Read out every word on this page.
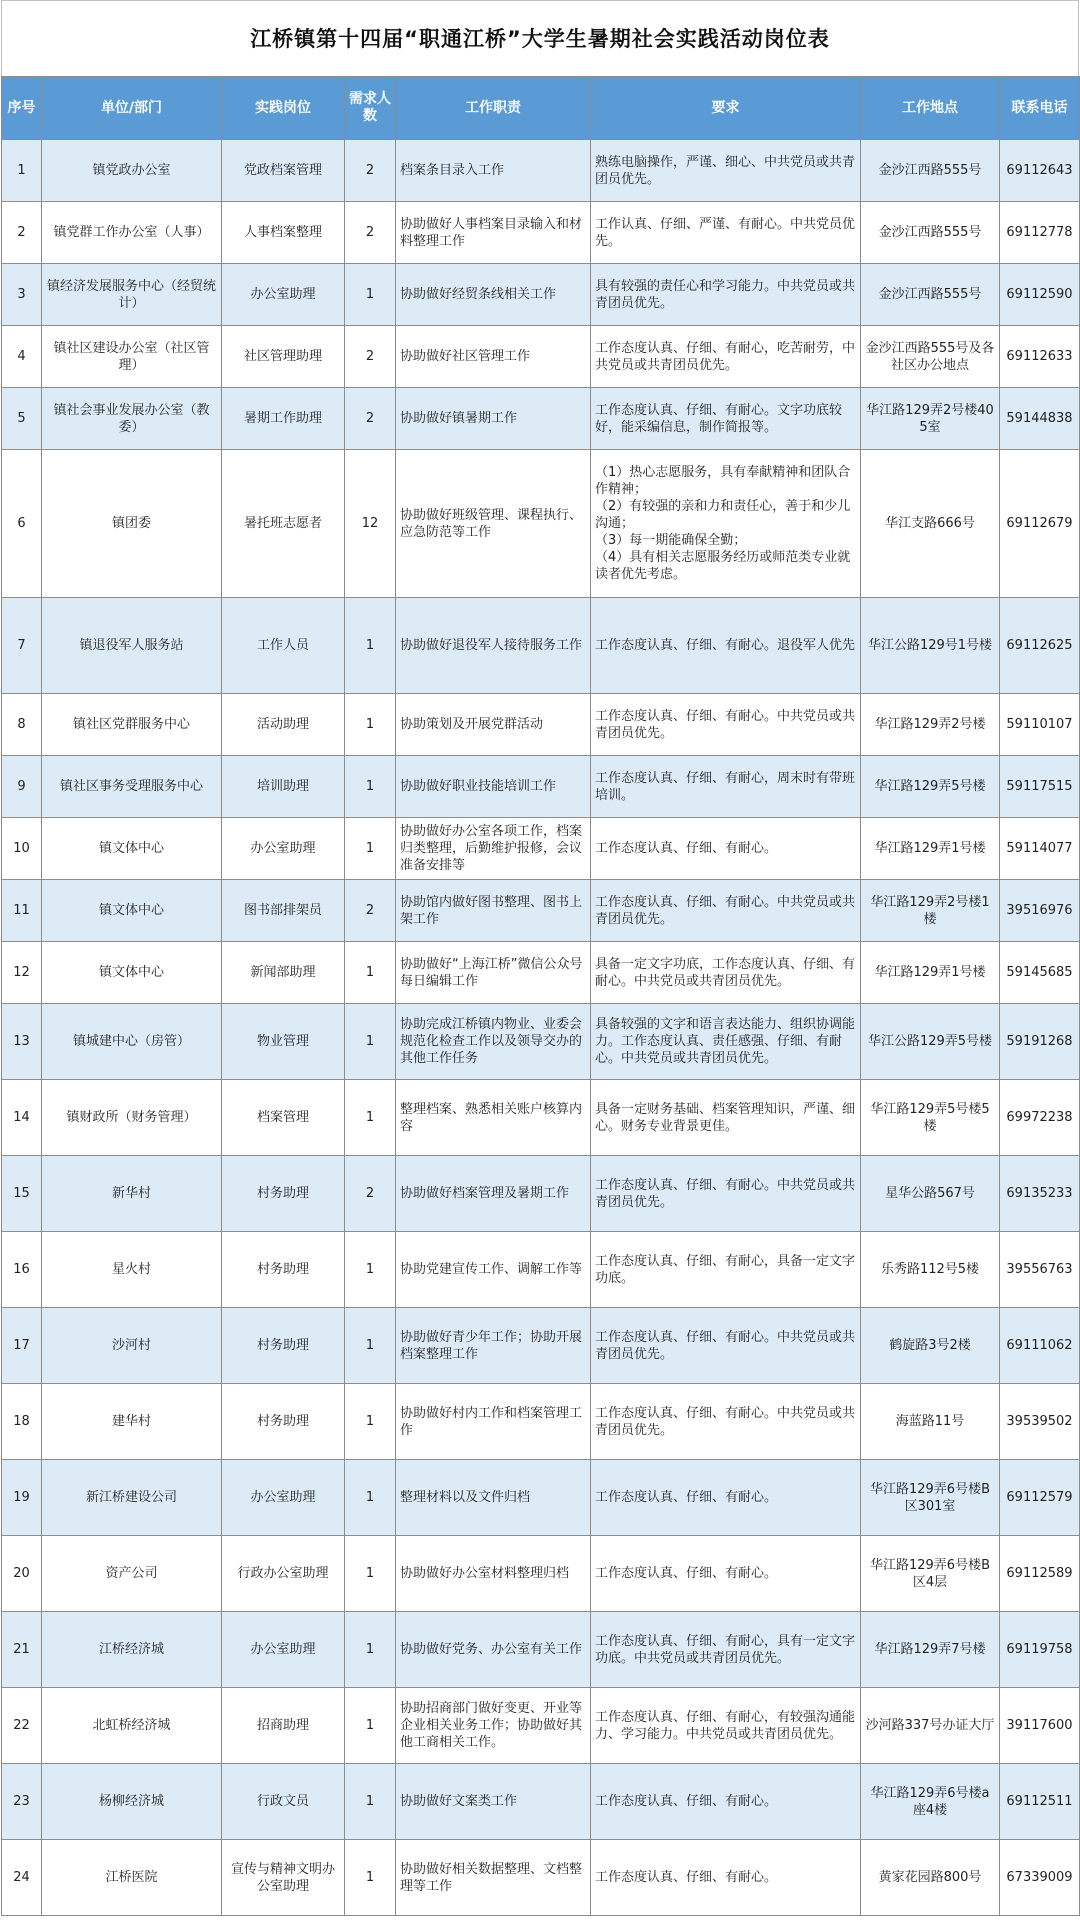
江桥镇第十四届“职通江桥”大学生暑期社会实践活动岗位表
序号	单位/部门	实践岗位	需求人数	工作职责	要求	工作地点	联系电话
1	镇党政办公室	党政档案管理	2	档案条目录入工作	熟练电脑操作，严谨、细心、中共党员或共青团员优先。	金沙江西路555号	69112643
2	镇党群工作办公室（人事）	人事档案整理	2	协助做好人事档案目录输入和材料整理工作	工作认真、仔细、严谨、有耐心。中共党员优先。	金沙江西路555号	69112778
3	镇经济发展服务中心（经贸统计）	办公室助理	1	协助做好经贸条线相关工作	具有较强的责任心和学习能力。中共党员或共青团员优先。	金沙江西路555号	69112590
4	镇社区建设办公室（社区管理）	社区管理助理	2	协助做好社区管理工作	工作态度认真、仔细、有耐心，吃苦耐劳，中共党员或共青团员优先。	金沙江西路555号及各社区办公地点	69112633
5	镇社会事业发展办公室（教委）	暑期工作助理	2	协助做好镇暑期工作	工作态度认真、仔细、有耐心。文字功底较好，能采编信息，制作简报等。	华江路129弄2号楼405室	59144838
6	镇团委	暑托班志愿者	12	协助做好班级管理、课程执行、应急防范等工作	（1）热心志愿服务，具有奉献精神和团队合作精神；
（2）有较强的亲和力和责任心，善于和少儿沟通；
（3）每一期能确保全勤；
（4）具有相关志愿服务经历或师范类专业就读者优先考虑。	华江支路666号	69112679
7	镇退役军人服务站	工作人员	1	协助做好退役军人接待服务工作	工作态度认真、仔细、有耐心。退役军人优先	华江公路129号1号楼	69112625
8	镇社区党群服务中心	活动助理	1	协助策划及开展党群活动	工作态度认真、仔细、有耐心。中共党员或共青团员优先。	华江路129弄2号楼	59110107
9	镇社区事务受理服务中心	培训助理	1	协助做好职业技能培训工作	工作态度认真、仔细、有耐心，周末时有带班培训。	华江路129弄5号楼	59117515
10	镇文体中心	办公室助理	1	协助做好办公室各项工作，档案归类整理，后勤维护报修，会议准备安排等	工作态度认真、仔细、有耐心。	华江路129弄1号楼	59114077
11	镇文体中心	图书部排架员	2	协助馆内做好图书整理、图书上架工作	工作态度认真、仔细、有耐心。中共党员或共青团员优先。	华江路129弄2号楼1楼	39516976
12	镇文体中心	新闻部助理	1	协助做好“上海江桥”微信公众号每日编辑工作	具备一定文字功底，工作态度认真、仔细、有耐心。中共党员或共青团员优先。	华江路129弄1号楼	59145685
13	镇城建中心（房管）	物业管理	1	协助完成江桥镇内物业、业委会规范化检查工作以及领导交办的其他工作任务	具备较强的文字和语言表达能力、组织协调能力。工作态度认真、责任感强、仔细、有耐心。中共党员或共青团员优先。	华江公路129弄5号楼	59191268
14	镇财政所（财务管理）	档案管理	1	整理档案、熟悉相关账户核算内容	具备一定财务基础、档案管理知识，严谨、细心。财务专业背景更佳。	华江路129弄5号楼5楼	69972238
15	新华村	村务助理	2	协助做好档案管理及暑期工作	工作态度认真、仔细、有耐心。中共党员或共青团员优先。	星华公路567号	69135233
16	星火村	村务助理	1	协助党建宣传工作、调解工作等	工作态度认真、仔细、有耐心，具备一定文字功底。	乐秀路112号5楼	39556763
17	沙河村	村务助理	1	协助做好青少年工作；协助开展档案整理工作	工作态度认真、仔细、有耐心。中共党员或共青团员优先。	鹤旋路3号2楼	69111062
18	建华村	村务助理	1	协助做好村内工作和档案管理工作	工作态度认真、仔细、有耐心。中共党员或共青团员优先。	海蓝路11号	39539502
19	新江桥建设公司	办公室助理	1	整理材料以及文件归档	工作态度认真、仔细、有耐心。	华江路129弄6号楼B区301室	69112579
20	资产公司	行政办公室助理	1	协助做好办公室材料整理归档	工作态度认真、仔细、有耐心。	华江路129弄6号楼B区4层	69112589
21	江桥经济城	办公室助理	1	协助做好党务、办公室有关工作	工作态度认真、仔细、有耐心，具有一定文字功底。中共党员或共青团员优先。	华江路129弄7号楼	69119758
22	北虹桥经济城	招商助理	1	协助招商部门做好变更、开业等企业相关业务工作；协助做好其他工商相关工作。	工作态度认真、仔细、有耐心，有较强沟通能力、学习能力。中共党员或共青团员优先。	沙河路337号办证大厅	39117600
23	杨柳经济城	行政文员	1	协助做好文案类工作	工作态度认真、仔细、有耐心。	华江路129弄6号楼a座4楼	69112511
24	江桥医院	宣传与精神文明办公室助理	1	协助做好相关数据整理、文档整理等工作	工作态度认真、仔细、有耐心。	黄家花园路800号	67339009
